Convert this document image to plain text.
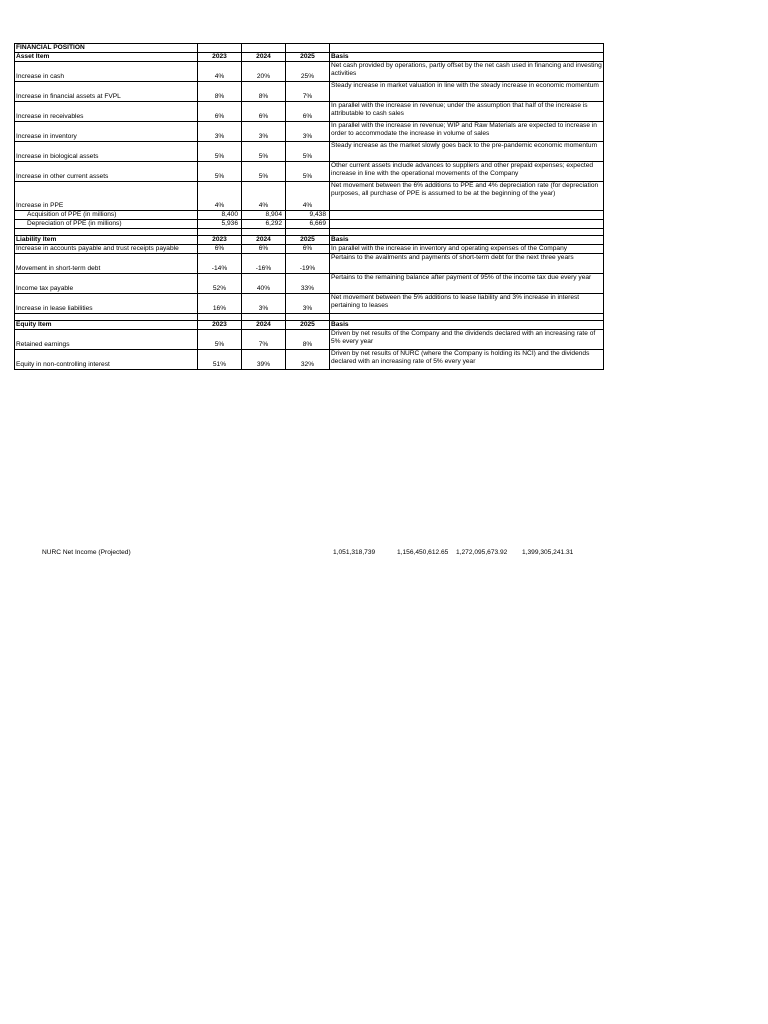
FINANCIAL POSITION				
Asset Item	2023	2024	2025	Basis
Increase in cash	4%	20%	25%	Net cash provided by operations, partly offset by the net cash used in financing and investing activities
Increase in financial assets at FVPL	8%	8%	7%	Steady increase in market valuation in line with the steady increase in economic momentum
Increase in receivables	6%	6%	6%	In parallel with the increase in revenue; under the assumption that half of the increase is attributable to cash sales
Increase in inventory	3%	3%	3%	In parallel with the increase in revenue; WIP and Raw Materials are expected to increase in order to accommodate the increase in volume of sales
Increase in biological assets	5%	5%	5%	Steady increase as the market slowly goes back to the pre-pandemic economic momentum
Increase in other current assets	5%	5%	5%	Other current assets include advances to suppliers and other prepaid expenses; expected increase in line with the operational movements of the Company
Increase in PPE	4%	4%	4%	Net movement between the 6% additions to PPE and 4% depreciation rate (for depreciation purposes, all purchase of PPE is assumed to be at the beginning of the year)
Acquisition of PPE (in millions)	8,400	8,904	9,438	
Depreciation of PPE (in millions)	5,936	6,292	6,669	

Liability Item	2023	2024	2025	Basis
Increase in accounts payable and trust receipts payable	6%	6%	6%	In parallel with the increase in inventory and operating expenses of the Company
Movement in short-term debt	-14%	-16%	-19%	Pertains to the availments and payments of short-term debt for the next three years
Income tax payable	52%	40%	33%	Pertains to the remaining balance after payment of 95% of the income tax due every year
Increase in lease liabilities	16%	3%	3%	Net movement between the 5% additions to lease liability and 3% increase in interest pertaining to leases

Equity Item	2023	2024	2025	Basis
Retained earnings	5%	7%	8%	Driven by net results of the Company and the dividends declared with an increasing rate of 5% every year
Equity in non-controlling interest	51%	39%	32%	Driven by net results of NURC (where the Company is holding its NCI) and the dividends declared with an increasing rate of 5% every year
NURC Net Income (Projected)	1,051,318,739	1,156,450,612.65 1,272,095,673.92 1,399,305,241.31
